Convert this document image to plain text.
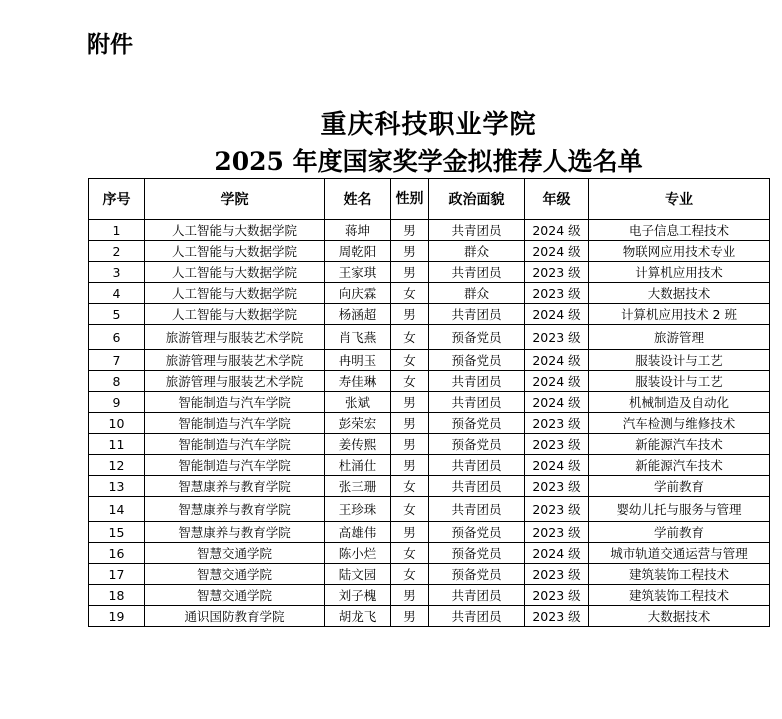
附件
重庆科技职业学院
2025 年度国家奖学金拟推荐人选名单
序号	学院	姓名	性别	政治面貌	年级	专业
1	人工智能与大数据学院	蒋坤	男	共青团员	2024 级	电子信息工程技术
2	人工智能与大数据学院	周乾阳	男	群众	2024 级	物联网应用技术专业
3	人工智能与大数据学院	王家琪	男	共青团员	2023 级	计算机应用技术
4	人工智能与大数据学院	向庆霖	女	群众	2023 级	大数据技术
5	人工智能与大数据学院	杨涵超	男	共青团员	2024 级	计算机应用技术 2 班
6	旅游管理与服装艺术学院	肖飞燕	女	预备党员	2023 级	旅游管理
7	旅游管理与服装艺术学院	冉明玉	女	预备党员	2024 级	服装设计与工艺
8	旅游管理与服装艺术学院	寿佳琳	女	共青团员	2024 级	服装设计与工艺
9	智能制造与汽车学院	张斌	男	共青团员	2024 级	机械制造及自动化
10	智能制造与汽车学院	彭荣宏	男	预备党员	2023 级	汽车检测与维修技术
11	智能制造与汽车学院	姜传熙	男	预备党员	2023 级	新能源汽车技术
12	智能制造与汽车学院	杜涌仕	男	共青团员	2024 级	新能源汽车技术
13	智慧康养与教育学院	张三珊	女	共青团员	2023 级	学前教育
14	智慧康养与教育学院	王珍珠	女	共青团员	2023 级	婴幼儿托与服务与管理
15	智慧康养与教育学院	高雄伟	男	预备党员	2023 级	学前教育
16	智慧交通学院	陈小烂	女	预备党员	2024 级	城市轨道交通运营与管理
17	智慧交通学院	陆文园	女	预备党员	2023 级	建筑装饰工程技术
18	智慧交通学院	刘子槐	男	共青团员	2023 级	建筑装饰工程技术
19	通识国防教育学院	胡龙飞	男	共青团员	2023 级	大数据技术
